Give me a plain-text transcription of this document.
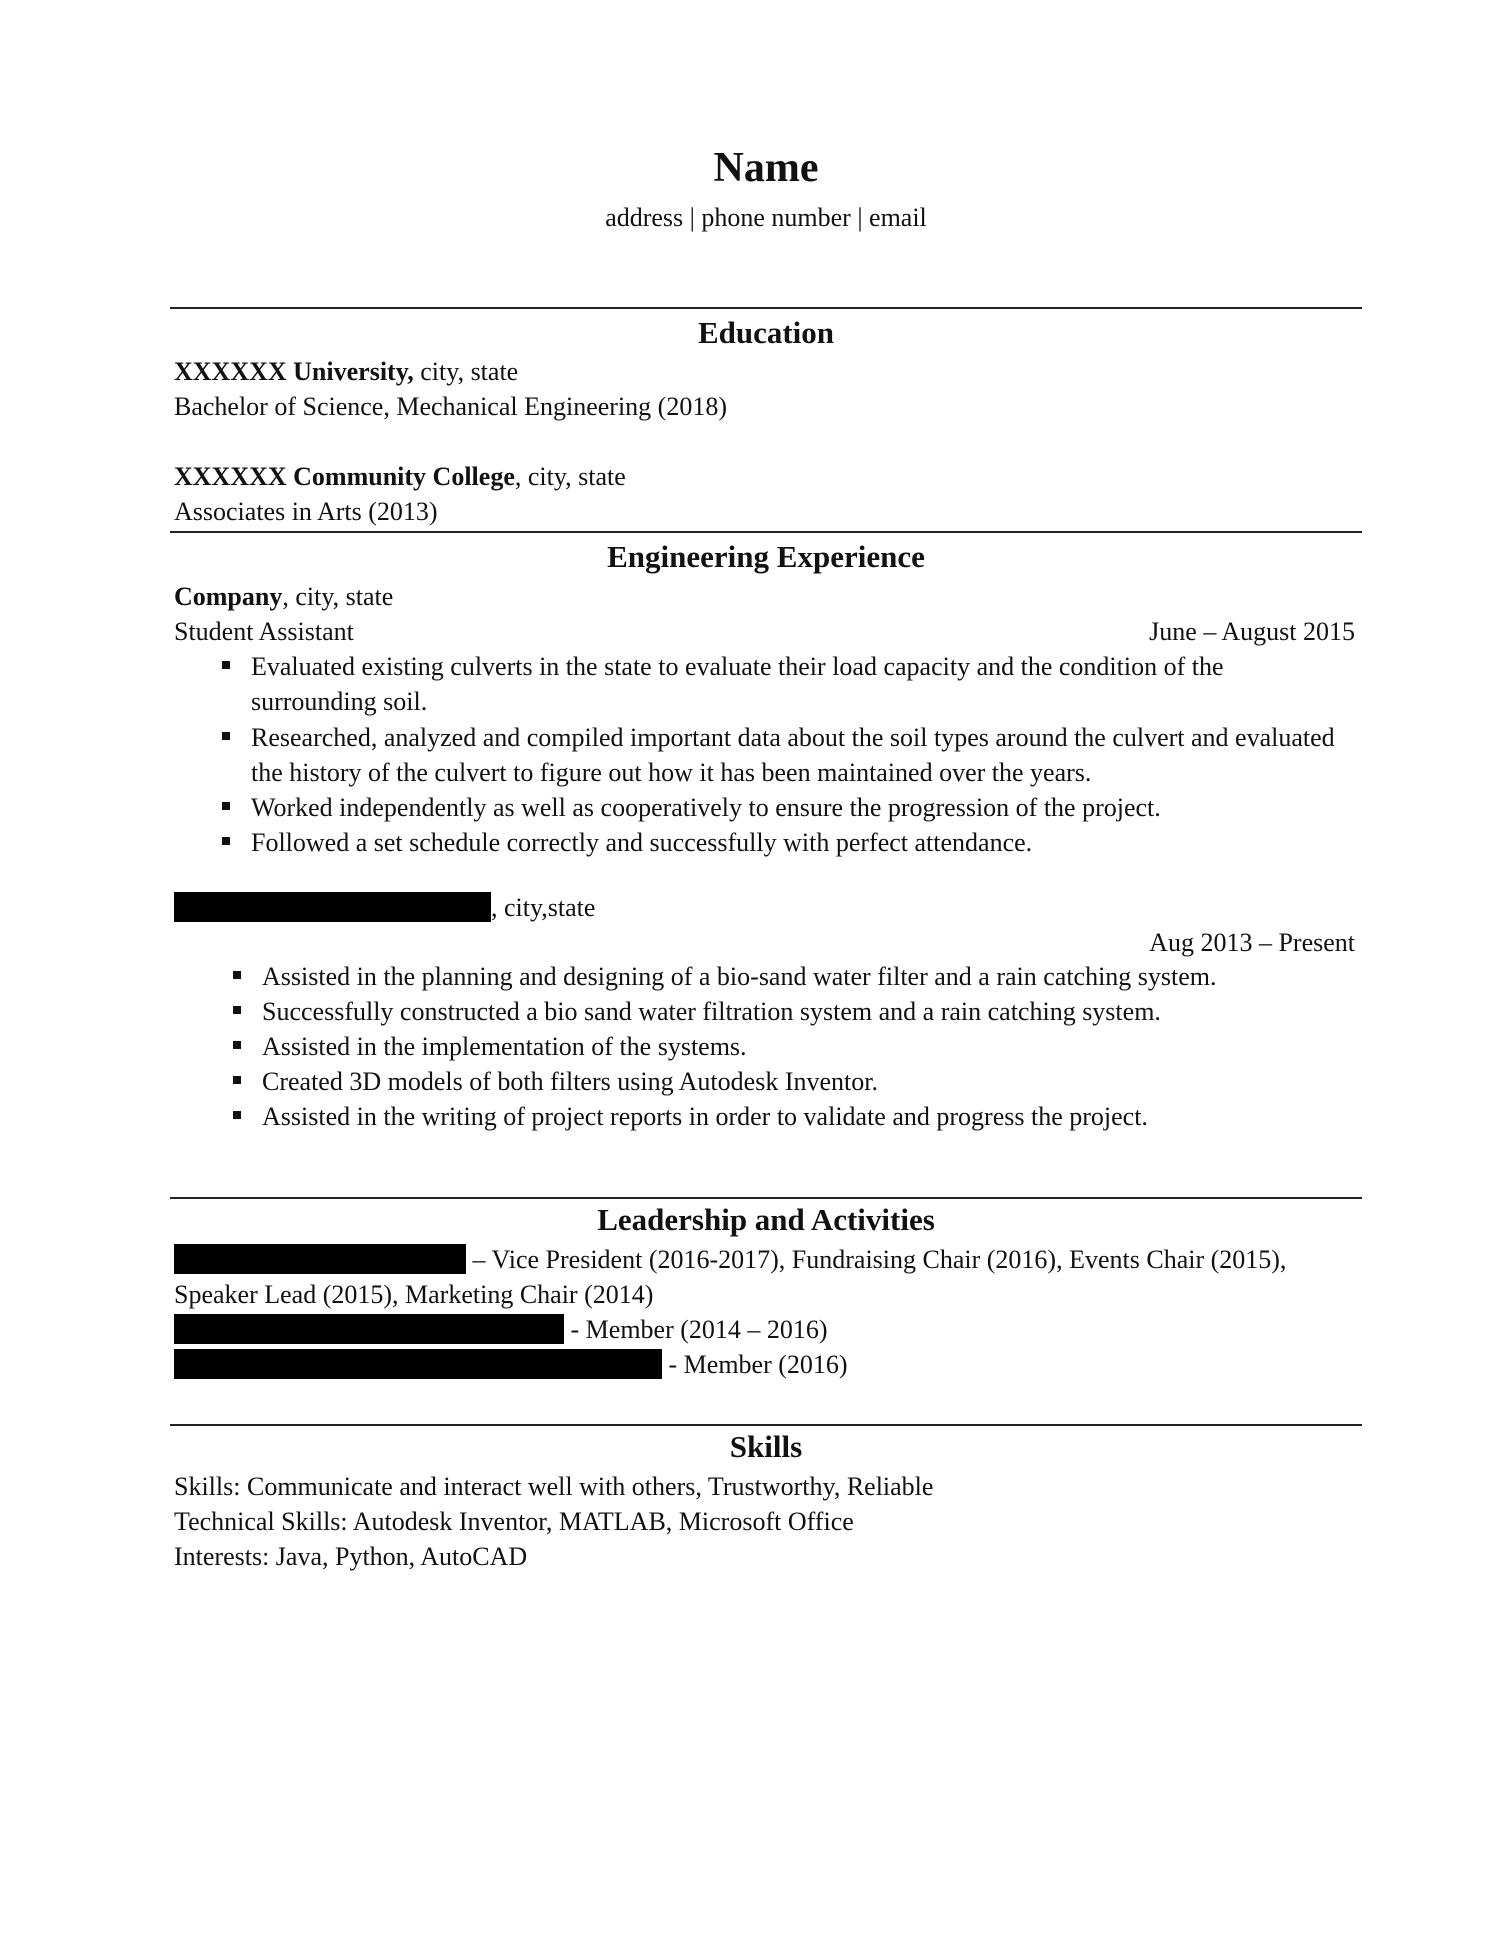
Name
address | phone number | email
Education
XXXXXX University, city, state
Bachelor of Science, Mechanical Engineering (2018)
XXXXXX Community College, city, state
Associates in Arts (2013)
Engineering Experience
Company, city, state
Student Assistant	June – August 2015
Evaluated existing culverts in the state to evaluate their load capacity and the condition of the
surrounding soil.
Researched, analyzed and compiled important data about the soil types around the culvert and evaluated
the history of the culvert to figure out how it has been maintained over the years.
Worked independently as well as cooperatively to ensure the progression of the project.
Followed a set schedule correctly and successfully with perfect attendance.
, city,state
Aug 2013 – Present
Assisted in the planning and designing of a bio-sand water filter and a rain catching system.
Successfully constructed a bio sand water filtration system and a rain catching system.
Assisted in the implementation of the systems.
Created 3D models of both filters using Autodesk Inventor.
Assisted in the writing of project reports in order to validate and progress the project.
Leadership and Activities
– Vice President (2016-2017), Fundraising Chair (2016), Events Chair (2015),
Speaker Lead (2015), Marketing Chair (2014)
- Member (2014 – 2016)
- Member (2016)
Skills
Skills: Communicate and interact well with others, Trustworthy, Reliable
Technical Skills: Autodesk Inventor, MATLAB, Microsoft Office
Interests: Java, Python, AutoCAD
